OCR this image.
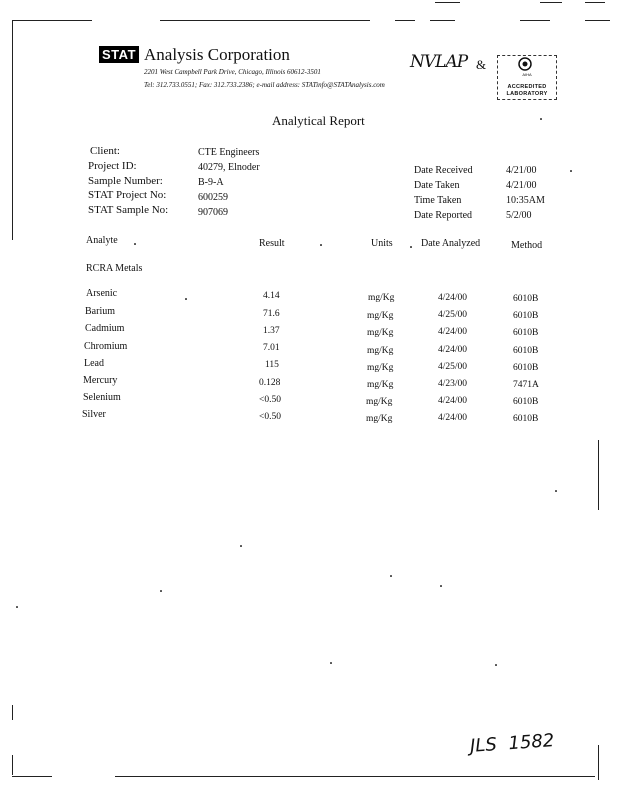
STAT Analysis Corporation
2201 West Campbell Park Drive, Chicago, Illinois 60612-3501
Tel: 312.733.0551; Fax: 312.733.2386; e-mail address: STATinfo@STATAnalysis.com
NVLAP &
AIHA
ACCREDITED
LABORATORY
Analytical Report
Client:	CTE Engineers
Project ID:	40279, Elnoder
Sample Number:	B-9-A
STAT Project No:	600259
STAT Sample No:	907069
Date Received	4/21/00
Date Taken	4/21/00
Time Taken	10:35AM
Date Reported	5/2/00
Analyte	Result	Units	Date Analyzed	Method
RCRA Metals
Arsenic	4.14	mg/Kg	4/24/00	6010B
Barium	71.6	mg/Kg	4/25/00	6010B
Cadmium	1.37	mg/Kg	4/24/00	6010B
Chromium	7.01	mg/Kg	4/24/00	6010B
Lead	115	mg/Kg	4/25/00	6010B
Mercury	0.128	mg/Kg	4/23/00	7471A
Selenium	<0.50	mg/Kg	4/24/00	6010B
Silver	<0.50	mg/Kg	4/24/00	6010B
JLS 1582
